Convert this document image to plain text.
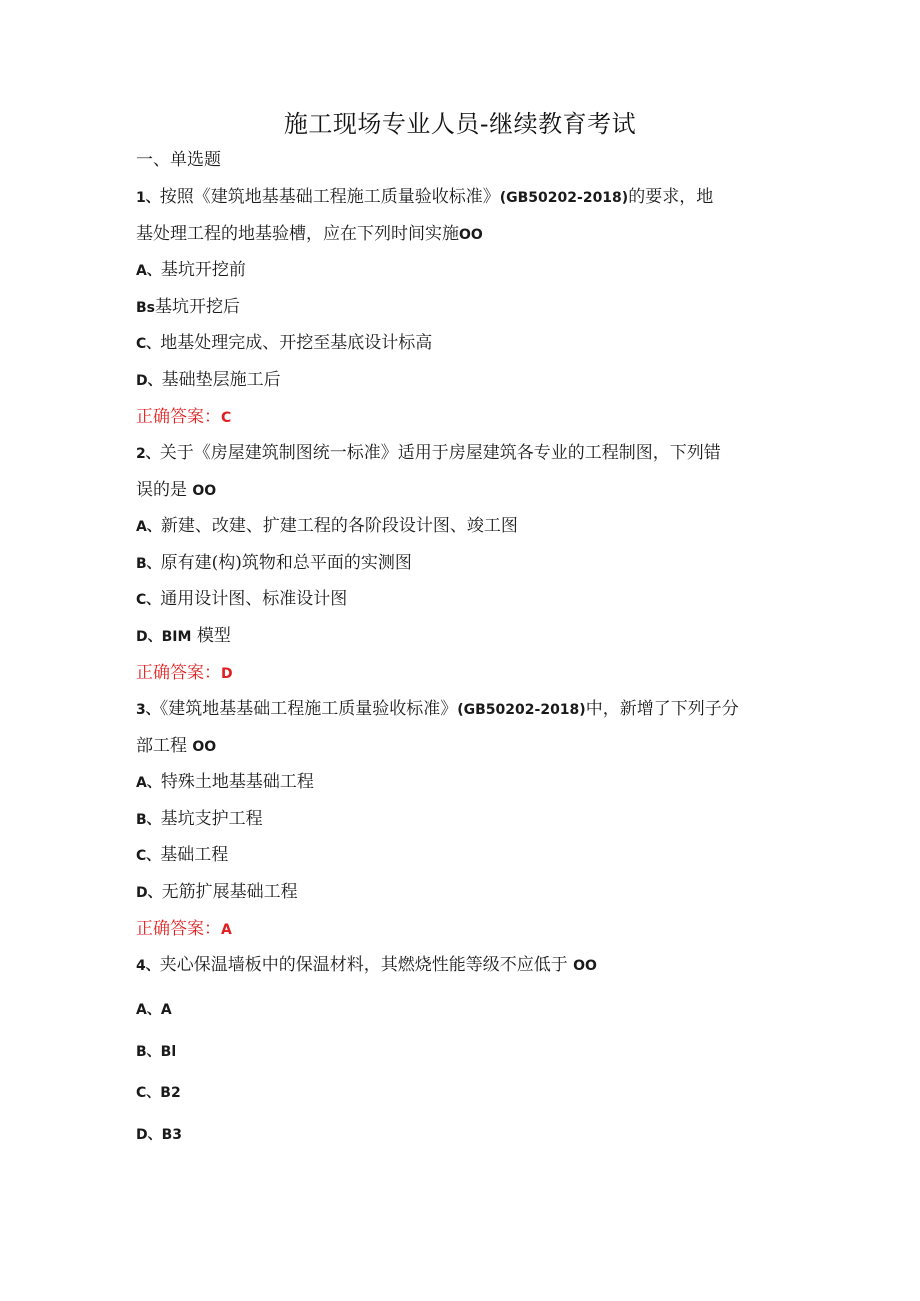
施工现场专业人员-继续教育考试
一、单选题
1、按照《建筑地基基础工程施工质量验收标准》(GB50202-2018)的要求，地
基处理工程的地基验槽，应在下列时间实施OO
A、基坑开挖前
Bs基坑开挖后
C、地基处理完成、开挖至基底设计标高
D、基础垫层施工后
正确答案：C
2、关于《房屋建筑制图统一标准》适用于房屋建筑各专业的工程制图，下列错
误的是 OO
A、新建、改建、扩建工程的各阶段设计图、竣工图
B、原有建(构)筑物和总平面的实测图
C、通用设计图、标准设计图
D、BIM 模型
正确答案：D
3、《建筑地基基础工程施工质量验收标准》(GB50202-2018)中，新增了下列子分
部工程 OO
A、特殊土地基基础工程
B、基坑支护工程
C、基础工程
D、无筋扩展基础工程
正确答案：A
4、夹心保温墙板中的保温材料，其燃烧性能等级不应低于 OO
A、A
B、Bl
C、B2
D、B3
